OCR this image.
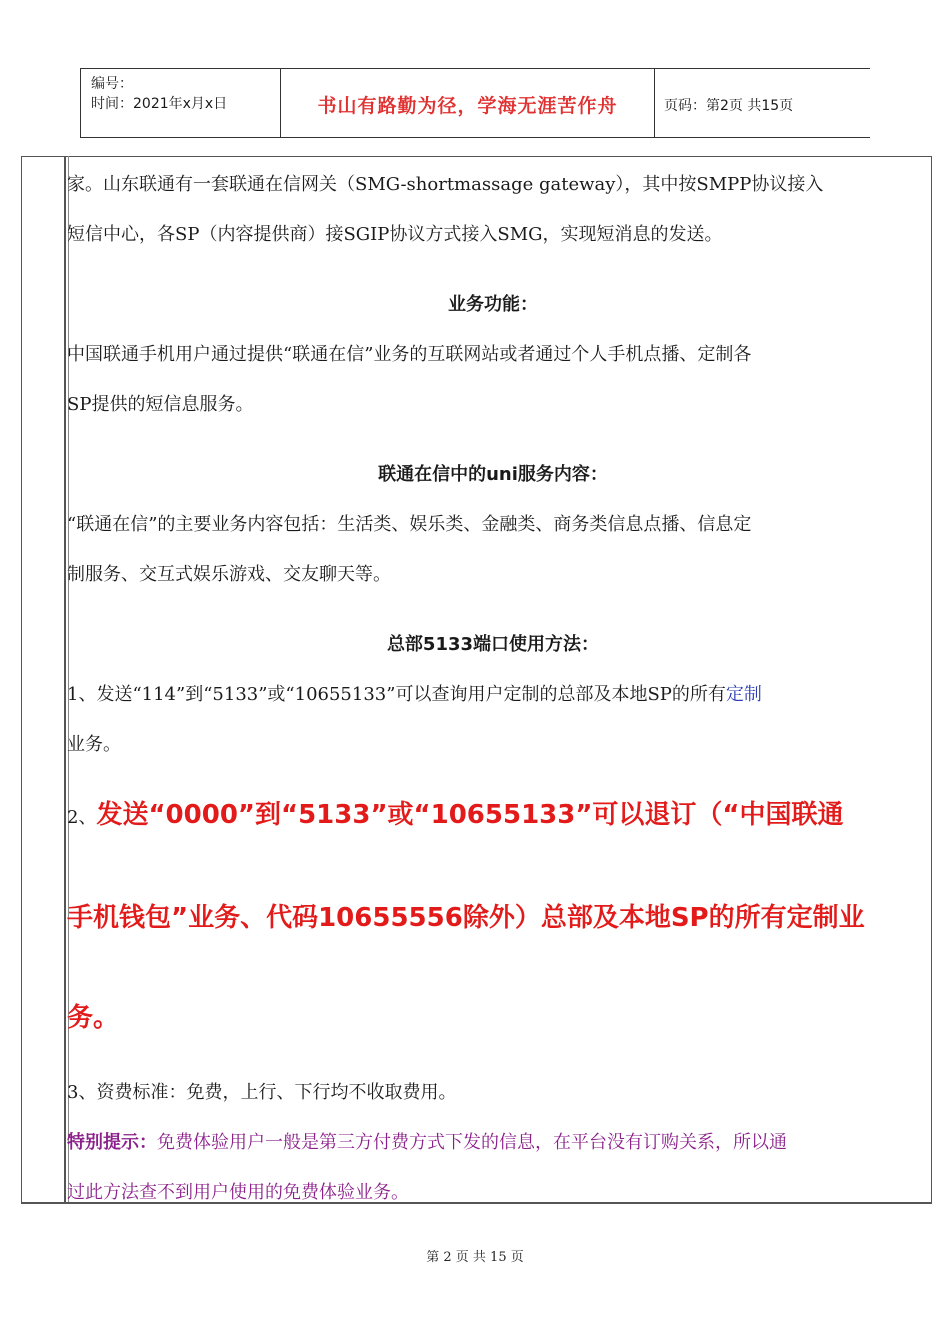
编号：
时间：2021年x月x日	书山有路勤为径，学海无涯苦作舟	页码：第2页 共15页

家。山东联通有一套联通在信网关（SMG-shortmassage gateway），其中按SMPP协议接入

短信中心，各SP（内容提供商）接SGIP协议方式接入SMG，实现短消息的发送。

业务功能：

中国联通手机用户通过提供“联通在信”业务的互联网站或者通过个人手机点播、定制各

SP提供的短信息服务。

联通在信中的uni服务内容：

“联通在信”的主要业务内容包括：生活类、娱乐类、金融类、商务类信息点播、信息定

制服务、交互式娱乐游戏、交友聊天等。

总部5133端口使用方法：

1、发送“114”到“5133”或“10655133”可以查询用户定制的总部及本地SP的所有定制

业务。

2、发送“0000”到“5133”或“10655133”可以退订（“中国联通

手机钱包”业务、代码10655556除外）总部及本地SP的所有定制业

务。

3、资费标准：免费，上行、下行均不收取费用。

特别提示：免费体验用户一般是第三方付费方式下发的信息，在平台没有订购关系，所以通

过此方法查不到用户使用的免费体验业务。

第 2 页 共 15 页
